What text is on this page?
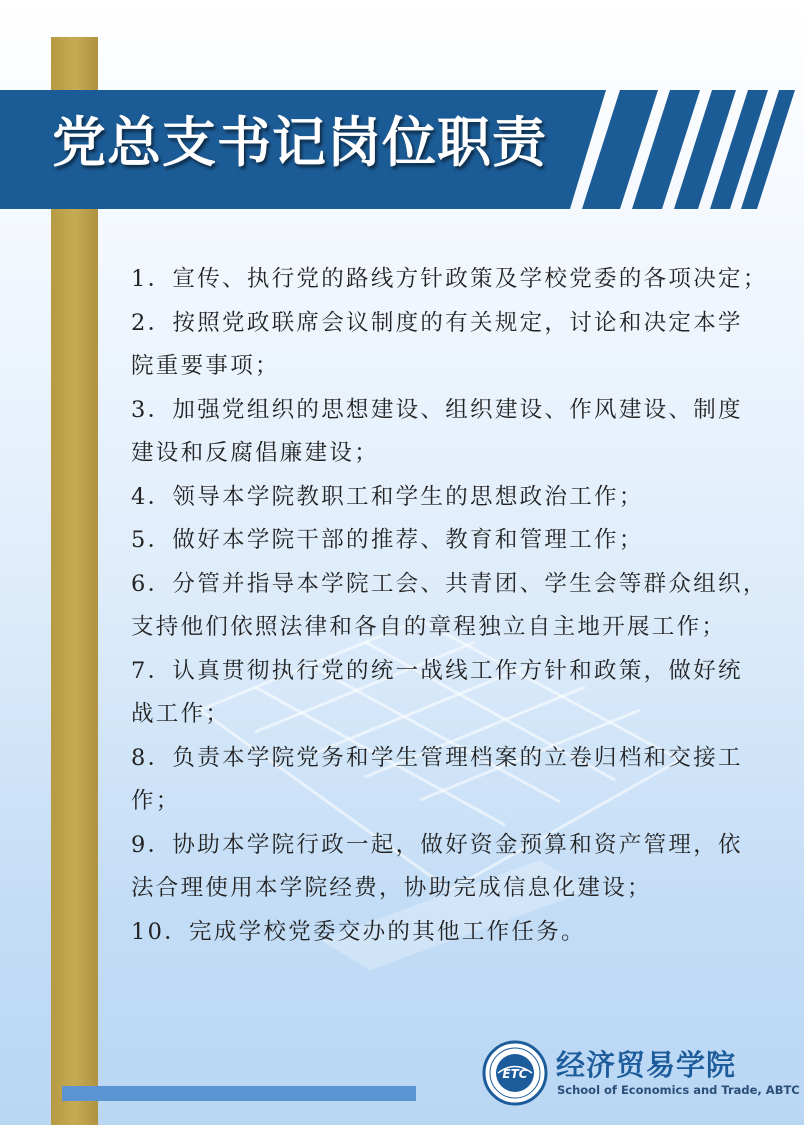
党总支书记岗位职责

1．宣传、执行党的路线方针政策及学校党委的各项决定；

2．按照党政联席会议制度的有关规定，讨论和决定本学
院重要事项；

3．加强党组织的思想建设、组织建设、作风建设、制度
建设和反腐倡廉建设；

4．领导本学院教职工和学生的思想政治工作；

5．做好本学院干部的推荐、教育和管理工作；

6．分管并指导本学院工会、共青团、学生会等群众组织，
支持他们依照法律和各自的章程独立自主地开展工作；

7．认真贯彻执行党的统一战线工作方针和政策，做好统
战工作；

8．负责本学院党务和学生管理档案的立卷归档和交接工
作；

9．协助本学院行政一起，做好资金预算和资产管理，依
法合理使用本学院经费，协助完成信息化建设；

10．完成学校党委交办的其他工作任务。

ETC 经济贸易学院
School of Economics and Trade, ABTC
